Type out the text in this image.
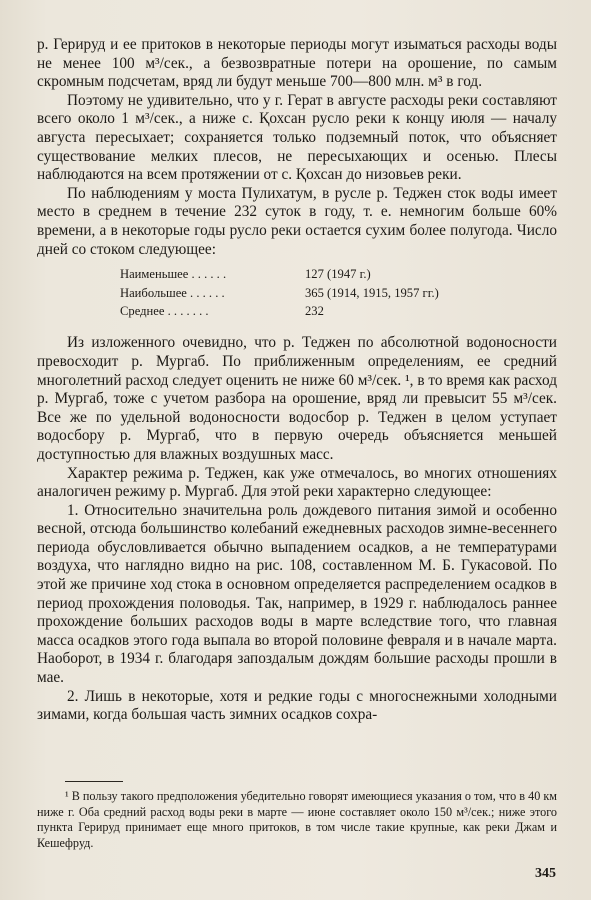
р. Герируд и ее притоков в некоторые периоды могут изыматься расходы воды не менее 100 м³/сек., а безвозвратные потери на орошение, по самым скромным подсчетам, вряд ли будут меньше 700—800 млн. м³ в год.

Поэтому не удивительно, что у г. Герат в августе расходы реки составляют всего около 1 м³/сек., а ниже с. Қохсан русло реки к концу июля — началу августа пересыхает; сохраняется только подземный поток, что объясняет существование мелких плесов, не пересыхающих и осенью. Плесы наблюдаются на всем протяжении от с. Қохсан до низовьев реки.

По наблюдениям у моста Пулихатум, в русле р. Теджен сток воды имеет место в среднем в течение 232 суток в году, т. е. немногим больше 60% времени, а в некоторые годы русло реки остается сухим более полугода. Число дней со стоком следующее:

Наименьшее . . . . . .	127 (1947 г.)
Наибольшее . . . . . .	365 (1914, 1915, 1957 гг.)
Среднее . . . . . . .	232

Из изложенного очевидно, что р. Теджен по абсолютной водоносности превосходит р. Мургаб. По приближенным определениям, ее средний многолетний расход следует оценить не ниже 60 м³/сек. ¹, в то время как расход р. Мургаб, тоже с учетом разбора на орошение, вряд ли превысит 55 м³/сек. Все же по удельной водоносности водосбор р. Теджен в целом уступает водосбору р. Мургаб, что в первую очередь объясняется меньшей доступностью для влажных воздушных масс.

Характер режима р. Теджен, как уже отмечалось, во многих отношениях аналогичен режиму р. Мургаб. Для этой реки характерно следующее:

1. Относительно значительна роль дождевого питания зимой и особенно весной, отсюда большинство колебаний ежедневных расходов зимне-весеннего периода обусловливается обычно выпадением осадков, а не температурами воздуха, что наглядно видно на рис. 108, составленном М. Б. Гукасовой. По этой же причине ход стока в основном определяется распределением осадков в период прохождения половодья. Так, например, в 1929 г. наблюдалось раннее прохождение больших расходов воды в марте вследствие того, что главная масса осадков этого года выпала во второй половине февраля и в начале марта. Наоборот, в 1934 г. благодаря запоздалым дождям большие расходы прошли в мае.

2. Лишь в некоторые, хотя и редкие годы с многоснежными холодными зимами, когда большая часть зимних осадков сохра-

¹ В пользу такого предположения убедительно говорят имеющиеся указания о том, что в 40 км ниже г. Оба средний расход воды реки в марте — июне составляет около 150 м³/сек.; ниже этого пункта Герируд принимает еще много притоков, в том числе такие крупные, как реки Джам и Кешефруд.
345
